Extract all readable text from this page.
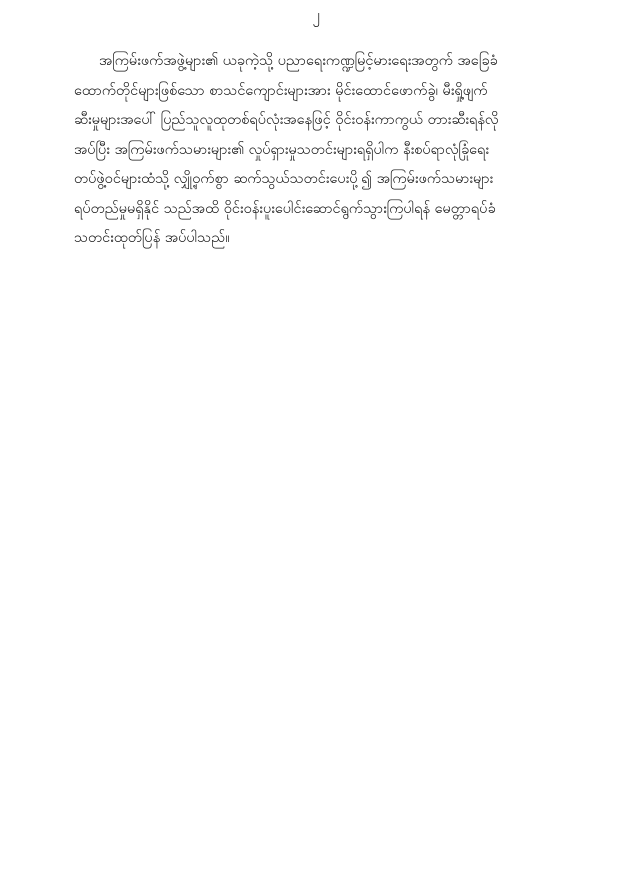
၂
အကြမ်းဖက်အဖွဲ့များ၏ ယခုကဲ့သို့ ပညာရေးကဏ္ဍမြင့်မားရေးအတွက် အခြေခံ
ထောက်တိုင်များဖြစ်သော စာသင်ကျောင်းများအား မိုင်းထောင်ဖောက်ခွဲ၊ မီးရှို့ဖျက်
ဆီးမှုများအပေါ် ပြည်သူလူထုတစ်ရပ်လုံးအနေဖြင့် ဝိုင်းဝန်းကာကွယ် တားဆီးရန်လို
အပ်ပြီး အကြမ်းဖက်သမားများ၏ လှုပ်ရှားမှုသတင်းများရရှိပါက နီးစပ်ရာလုံခြုံရေး
တပ်ဖွဲ့ဝင်များထံသို့ လျှို့ဝှက်စွာ ဆက်သွယ်သတင်းပေးပို့၍ အကြမ်းဖက်သမားများ
ရပ်တည်မှုမရှိနိုင် သည်အထိ ဝိုင်းဝန်းပူးပေါင်းဆောင်ရွက်သွားကြပါရန် မေတ္တာရပ်ခံ
သတင်းထုတ်ပြန် အပ်ပါသည်။
